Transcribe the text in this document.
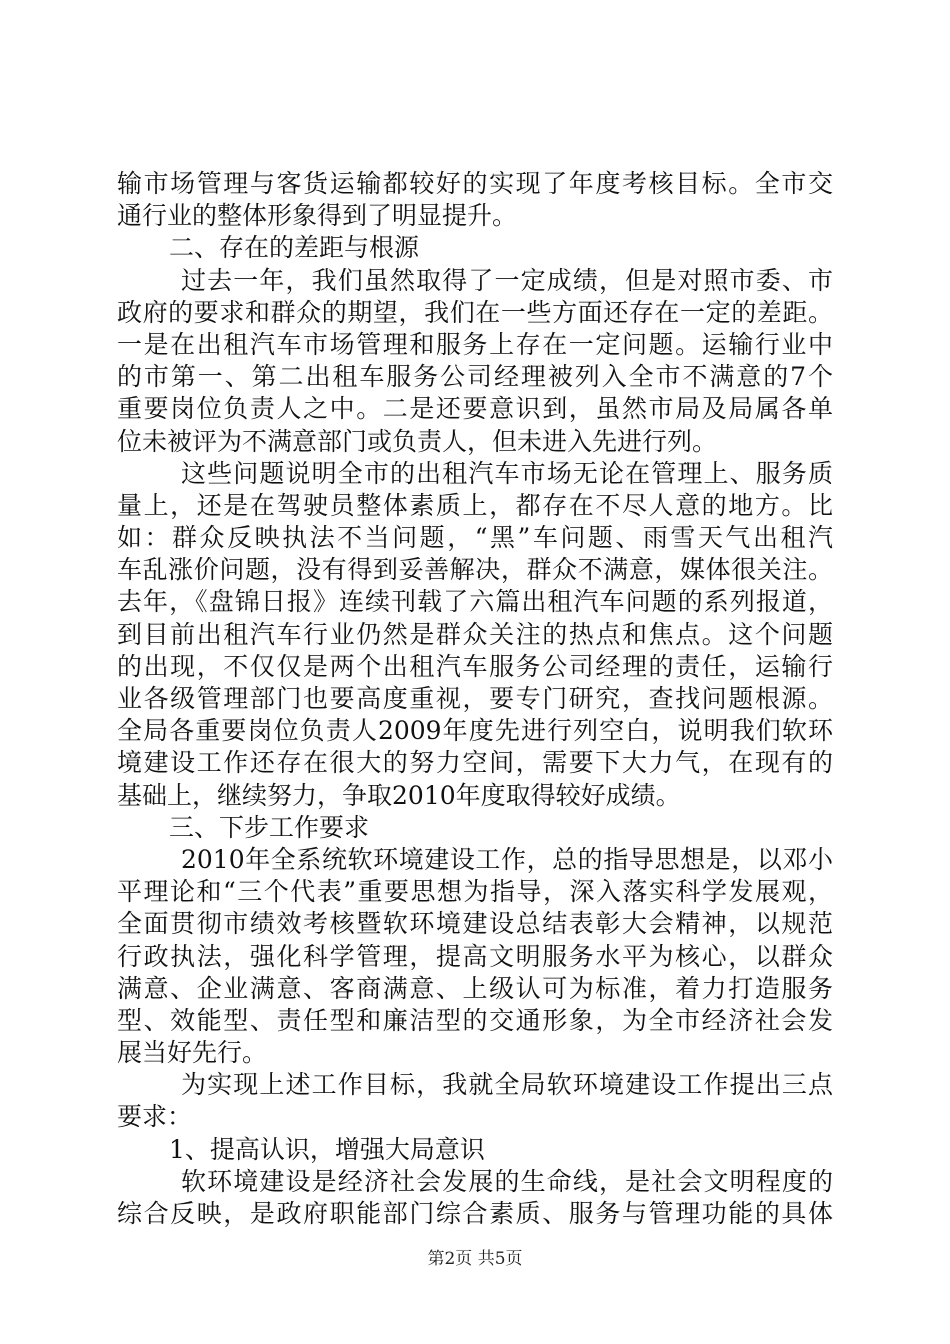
输市场管理与客货运输都较好的实现了年度考核目标。全市交
通行业的整体形象得到了明显提升。
二、存在的差距与根源
过去一年，我们虽然取得了一定成绩，但是对照市委、市
政府的要求和群众的期望，我们在一些方面还存在一定的差距。
一是在出租汽车市场管理和服务上存在一定问题。运输行业中
的市第一、第二出租车服务公司经理被列入全市不满意的7个
重要岗位负责人之中。二是还要意识到，虽然市局及局属各单
位未被评为不满意部门或负责人，但未进入先进行列。
这些问题说明全市的出租汽车市场无论在管理上、服务质
量上，还是在驾驶员整体素质上，都存在不尽人意的地方。比
如：群众反映执法不当问题，“黑”车问题、雨雪天气出租汽
车乱涨价问题，没有得到妥善解决，群众不满意，媒体很关注。
去年，《盘锦日报》连续刊载了六篇出租汽车问题的系列报道，
到目前出租汽车行业仍然是群众关注的热点和焦点。这个问题
的出现，不仅仅是两个出租汽车服务公司经理的责任，运输行
业各级管理部门也要高度重视，要专门研究，查找问题根源。
全局各重要岗位负责人2009年度先进行列空白，说明我们软环
境建设工作还存在很大的努力空间，需要下大力气，在现有的
基础上，继续努力，争取2010年度取得较好成绩。
三、下步工作要求
2010年全系统软环境建设工作，总的指导思想是，以邓小
平理论和“三个代表”重要思想为指导，深入落实科学发展观，
全面贯彻市绩效考核暨软环境建设总结表彰大会精神，以规范
行政执法，强化科学管理，提高文明服务水平为核心，以群众
满意、企业满意、客商满意、上级认可为标准，着力打造服务
型、效能型、责任型和廉洁型的交通形象，为全市经济社会发
展当好先行。
为实现上述工作目标，我就全局软环境建设工作提出三点
要求：
1、提高认识，增强大局意识
软环境建设是经济社会发展的生命线，是社会文明程度的
综合反映，是政府职能部门综合素质、服务与管理功能的具体
第2页 共5页
